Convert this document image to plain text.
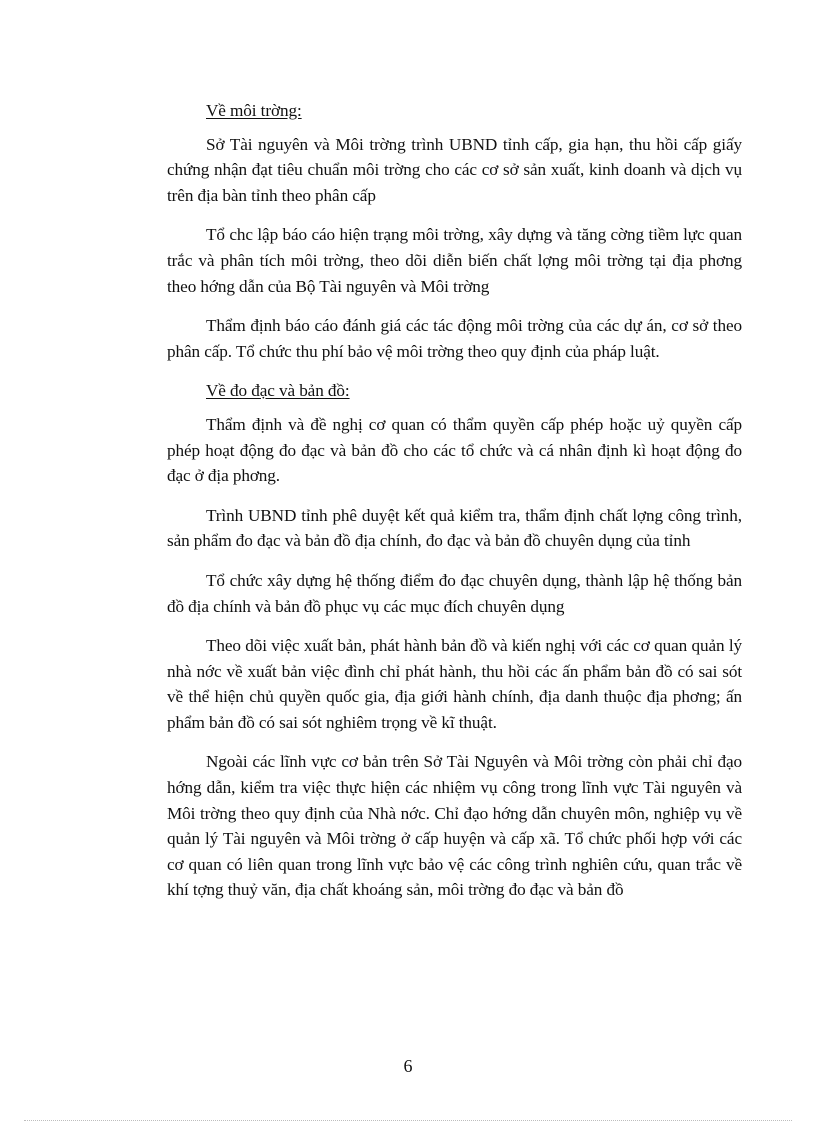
Về môi trờng:

Sở Tài nguyên và Môi trờng trình UBND tỉnh cấp, gia hạn, thu hồi cấp giấy chứng nhận đạt tiêu chuẩn môi trờng cho các cơ sở sản xuất, kinh doanh và dịch vụ trên địa bàn tỉnh theo phân cấp

Tổ chc lập báo cáo hiện trạng môi trờng, xây dựng và tăng cờng tiềm lực quan trắc và phân tích môi trờng, theo dõi diễn biến chất lợng môi trờng tại địa phơng theo hớng dẫn của Bộ Tài nguyên và Môi trờng

Thẩm định báo cáo đánh giá các tác động môi trờng của các dự án, cơ sở theo phân cấp. Tổ chức thu phí bảo vệ môi trờng theo quy định của pháp luật.

Về đo đạc và bản đồ:

Thẩm định và đề nghị cơ quan có thẩm quyền cấp phép hoặc uỷ quyền cấp phép hoạt động đo đạc và bản đồ cho các tổ chức và cá nhân định kì hoạt động đo đạc ở địa phơng.

Trình UBND tỉnh phê duyệt kết quả kiểm tra, thẩm định chất lợng công trình, sản phẩm đo đạc và bản đồ địa chính, đo đạc và bản đồ chuyên dụng của tỉnh

Tổ chức xây dựng hệ thống điểm đo đạc chuyên dụng, thành lập hệ thống bản đồ địa chính và bản đồ phục vụ các mục đích chuyên dụng

Theo dõi việc xuất bản, phát hành bản đồ và kiến nghị với các cơ quan quản lý nhà nớc về xuất bản việc đình chỉ phát hành, thu hồi các ấn phẩm bản đồ có sai sót về thể hiện chủ quyền quốc gia, địa giới hành chính, địa danh thuộc địa phơng; ấn phẩm bản đồ có sai sót nghiêm trọng về kĩ thuật.

Ngoài các lĩnh vực cơ bản trên Sở Tài Nguyên và Môi trờng còn phải chỉ đạo hớng dẫn, kiểm tra việc thực hiện các nhiệm vụ công trong lĩnh vực Tài nguyên và Môi trờng theo quy định của Nhà nớc. Chỉ đạo hớng dẫn chuyên môn, nghiệp vụ về quản lý Tài nguyên và Môi trờng ở cấp huyện và cấp xã. Tổ chức phối hợp với các cơ quan có liên quan trong lĩnh vực bảo vệ các công trình nghiên cứu, quan trắc về khí tợng thuỷ văn, địa chất khoáng sản, môi trờng đo đạc và bản đồ

6
